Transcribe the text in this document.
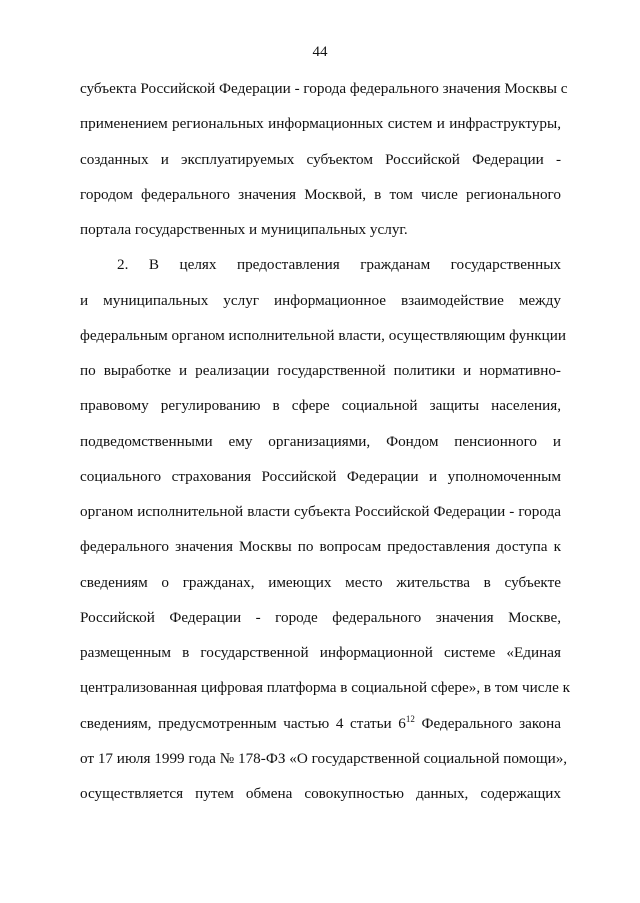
44
субъекта Российской Федерации - города федерального значения Москвы с
применением региональных информационных систем и инфраструктуры,
созданных и эксплуатируемых субъектом Российской Федерации -
городом федерального значения Москвой, в том числе регионального
портала государственных и муниципальных услуг.
2. В целях предоставления гражданам государственных
и муниципальных услуг информационное взаимодействие между
федеральным органом исполнительной власти, осуществляющим функции
по выработке и реализации государственной политики и нормативно-
правовому регулированию в сфере социальной защиты населения,
подведомственными ему организациями, Фондом пенсионного и
социального страхования Российской Федерации и уполномоченным
органом исполнительной власти субъекта Российской Федерации - города
федерального значения Москвы по вопросам предоставления доступа к
сведениям о гражданах, имеющих место жительства в субъекте
Российской Федерации - городе федерального значения Москве,
размещенным в государственной информационной системе «Единая
централизованная цифровая платформа в социальной сфере», в том числе к
сведениям, предусмотренным частью 4 статьи $6^{12}$ Федерального закона
от 17 июля 1999 года № 178-ФЗ «О государственной социальной помощи»,
осуществляется путем обмена совокупностью данных, содержащих
